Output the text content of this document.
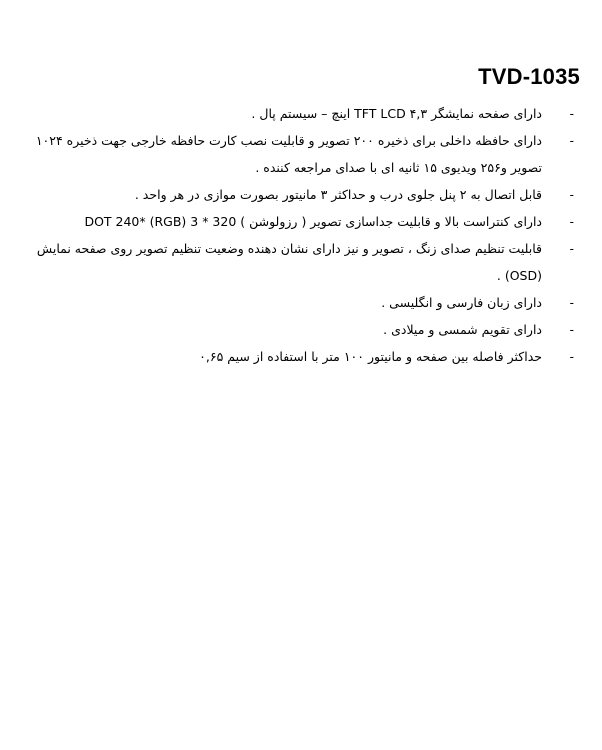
TVD-1035
-
دارای صفحه نمایشگر TFT LCD ۴,۳ اینچ – سیستم پال .
-
دارای حافظه داخلی برای ذخیره ۲۰۰ تصویر و قابلیت نصب کارت حافظه خارجی جهت ذخیره ۱۰۲۴ تصویر و۲۵۶ ویدیوی ۱۵ ثانیه ای با صدای مراجعه کننده .
-
قابل اتصال به ۲ پنل جلوی درب و حداکثر ۳ مانیتور بصورت موازی در هر واحد .
-
دارای کنتراست بالا و قابلیت جداسازی تصویر ( رزولوشن ) DOT 240* (RGB) 3 * 320
-
قابلیت تنظیم صدای زنگ ، تصویر و نیز دارای نشان دهنده وضعیت تنظیم تصویر روی صفحه نمایش (OSD) .
-
دارای زبان فارسی و انگلیسی .
-
دارای تقویم شمسی و میلادی .
-
حداکثر فاصله بین صفحه و مانیتور ۱۰۰ متر با استفاده از سیم ۰,۶۵
